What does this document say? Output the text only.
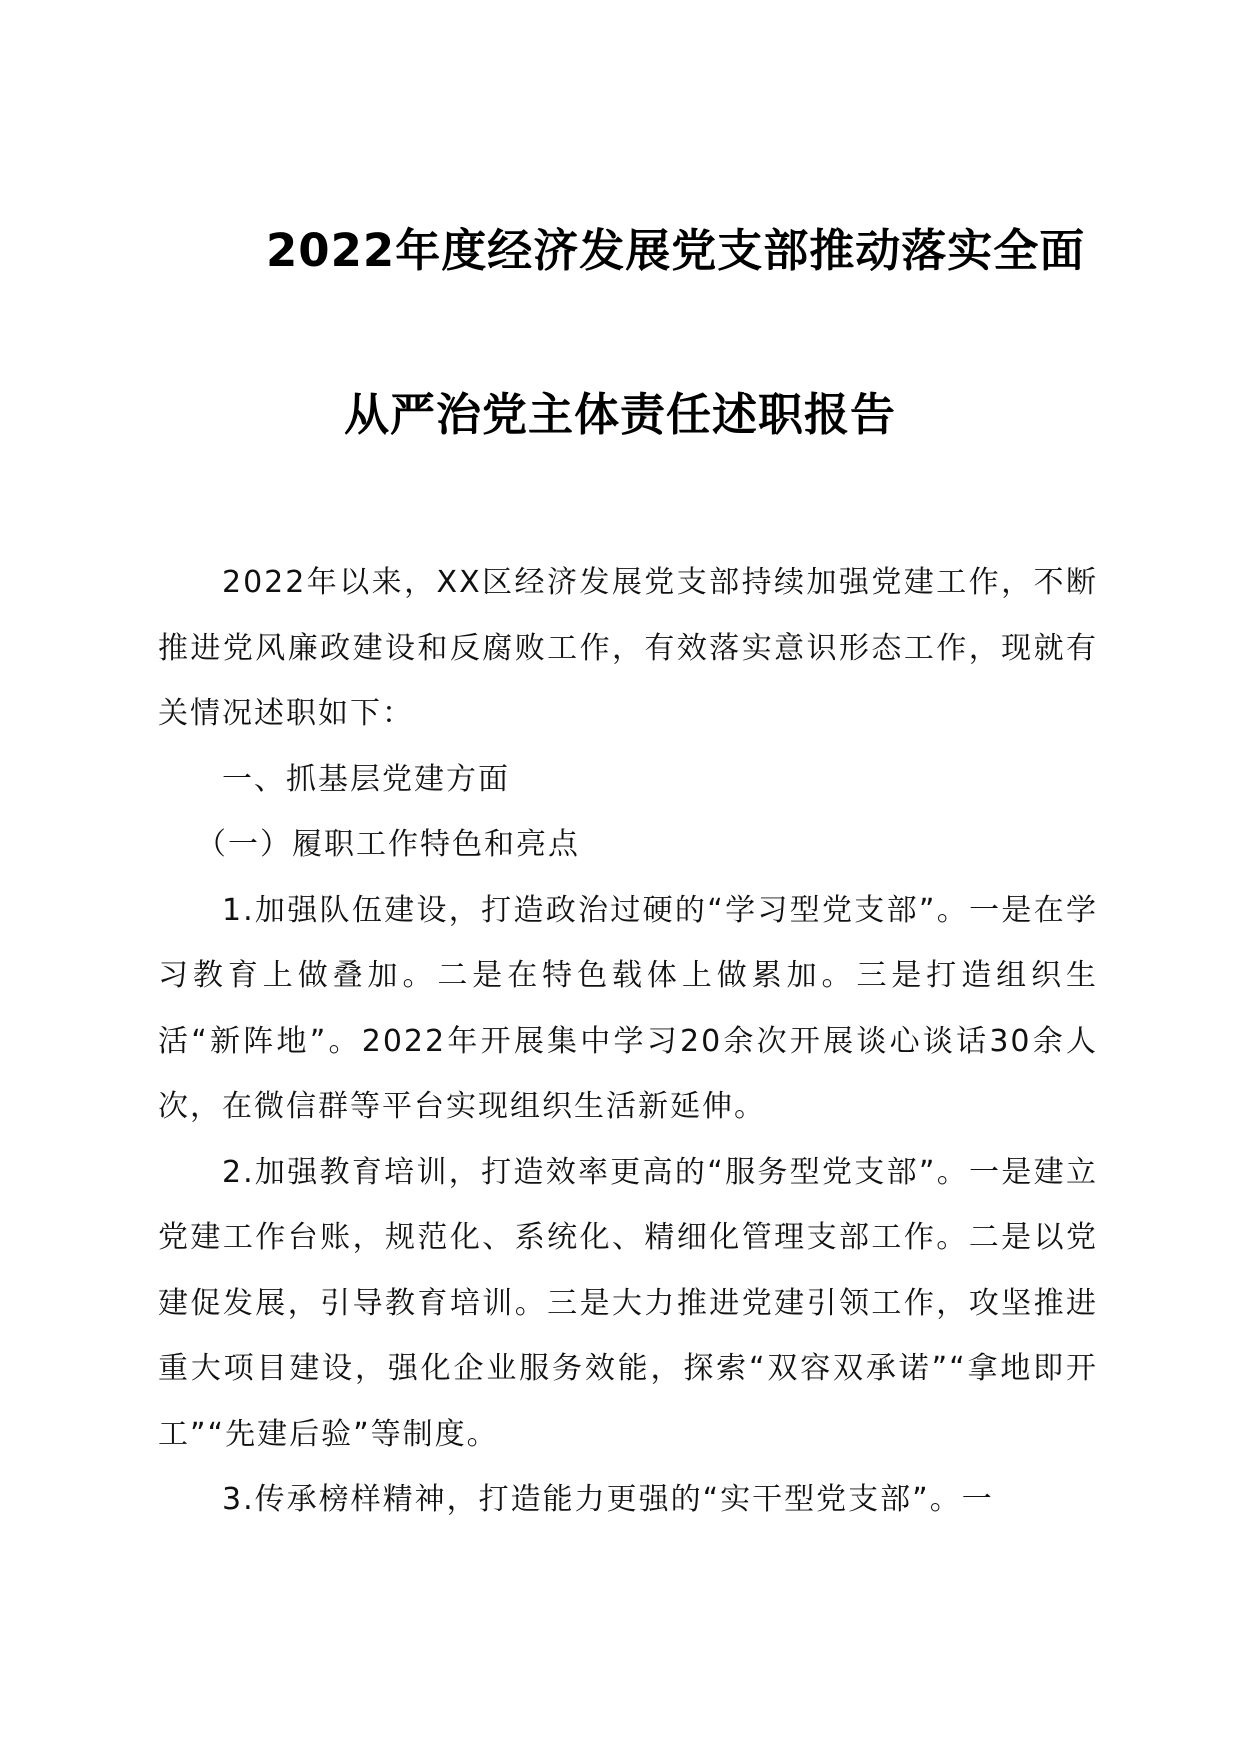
2022年度经济发展党支部推动落实全面
从严治党主体责任述职报告

2022年以来，XX区经济发展党支部持续加强党建工作，不断推进党风廉政建设和反腐败工作，有效落实意识形态工作，现就有关情况述职如下：

一、抓基层党建方面

（一）履职工作特色和亮点

1.加强队伍建设，打造政治过硬的“学习型党支部”。一是在学习教育上做叠加。二是在特色载体上做累加。三是打造组织生活“新阵地”。2022年开展集中学习20余次开展谈心谈话30余人次，在微信群等平台实现组织生活新延伸。

2.加强教育培训，打造效率更高的“服务型党支部”。一是建立党建工作台账，规范化、系统化、精细化管理支部工作。二是以党建促发展，引导教育培训。三是大力推进党建引领工作，攻坚推进重大项目建设，强化企业服务效能，探索“双容双承诺”“拿地即开工”“先建后验”等制度。

3.传承榜样精神，打造能力更强的“实干型党支部”。一
